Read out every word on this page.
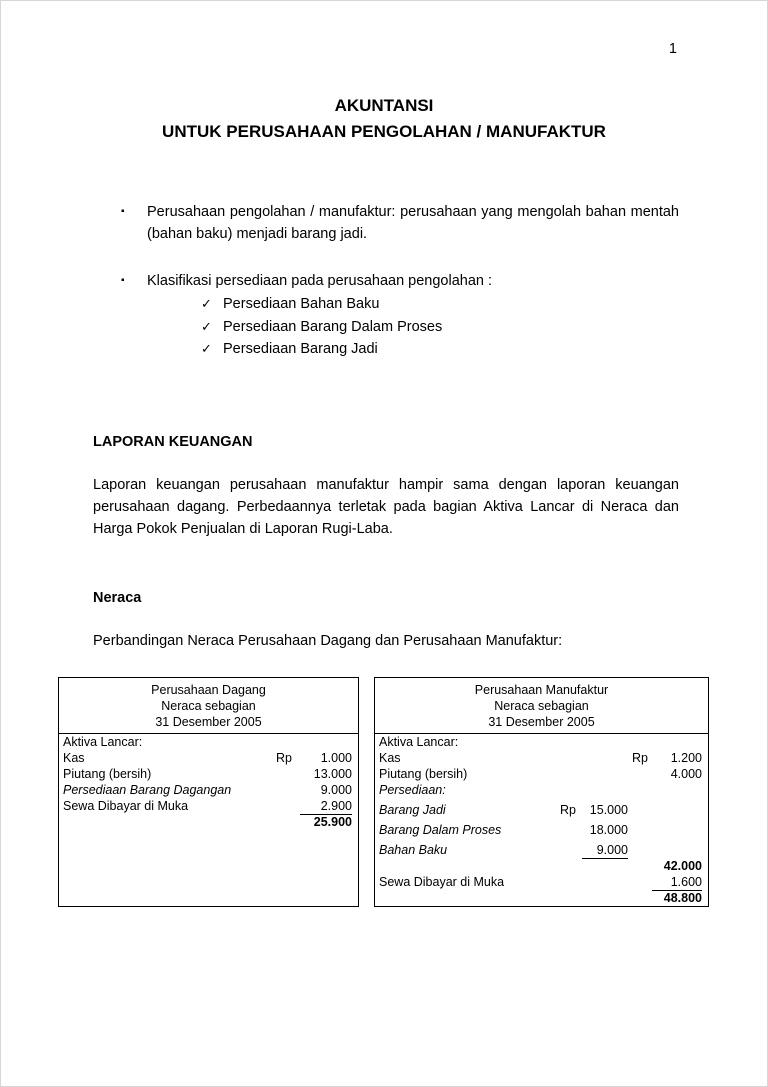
1
AKUNTANSI
UNTUK PERUSAHAAN PENGOLAHAN / MANUFAKTUR
▪	Perusahaan pengolahan / manufaktur: perusahaan yang mengolah bahan mentah (bahan baku) menjadi barang jadi.
▪	Klasifikasi persediaan pada perusahaan pengolahan :
✓ Persediaan Bahan Baku
✓ Persediaan Barang Dalam Proses
✓ Persediaan Barang Jadi
LAPORAN KEUANGAN
Laporan keuangan perusahaan manufaktur hampir sama dengan laporan keuangan perusahaan dagang. Perbedaannya terletak pada bagian Aktiva Lancar di Neraca dan Harga Pokok Penjualan di Laporan Rugi-Laba.
Neraca
Perbandingan Neraca Perusahaan Dagang dan Perusahaan Manufaktur:
Perusahaan Dagang
Neraca sebagian
31 Desember 2005
Aktiva Lancar:
Kas	Rp	1.000
Piutang (bersih)	13.000
Persediaan Barang Dagangan	9.000
Sewa Dibayar di Muka	2.900
25.900
Perusahaan Manufaktur
Neraca sebagian
31 Desember 2005
Aktiva Lancar:
Kas	Rp	1.200
Piutang (bersih)	4.000
Persediaan:
Barang Jadi	Rp	15.000
Barang Dalam Proses	18.000
Bahan Baku	9.000
42.000
Sewa Dibayar di Muka	1.600
48.800
